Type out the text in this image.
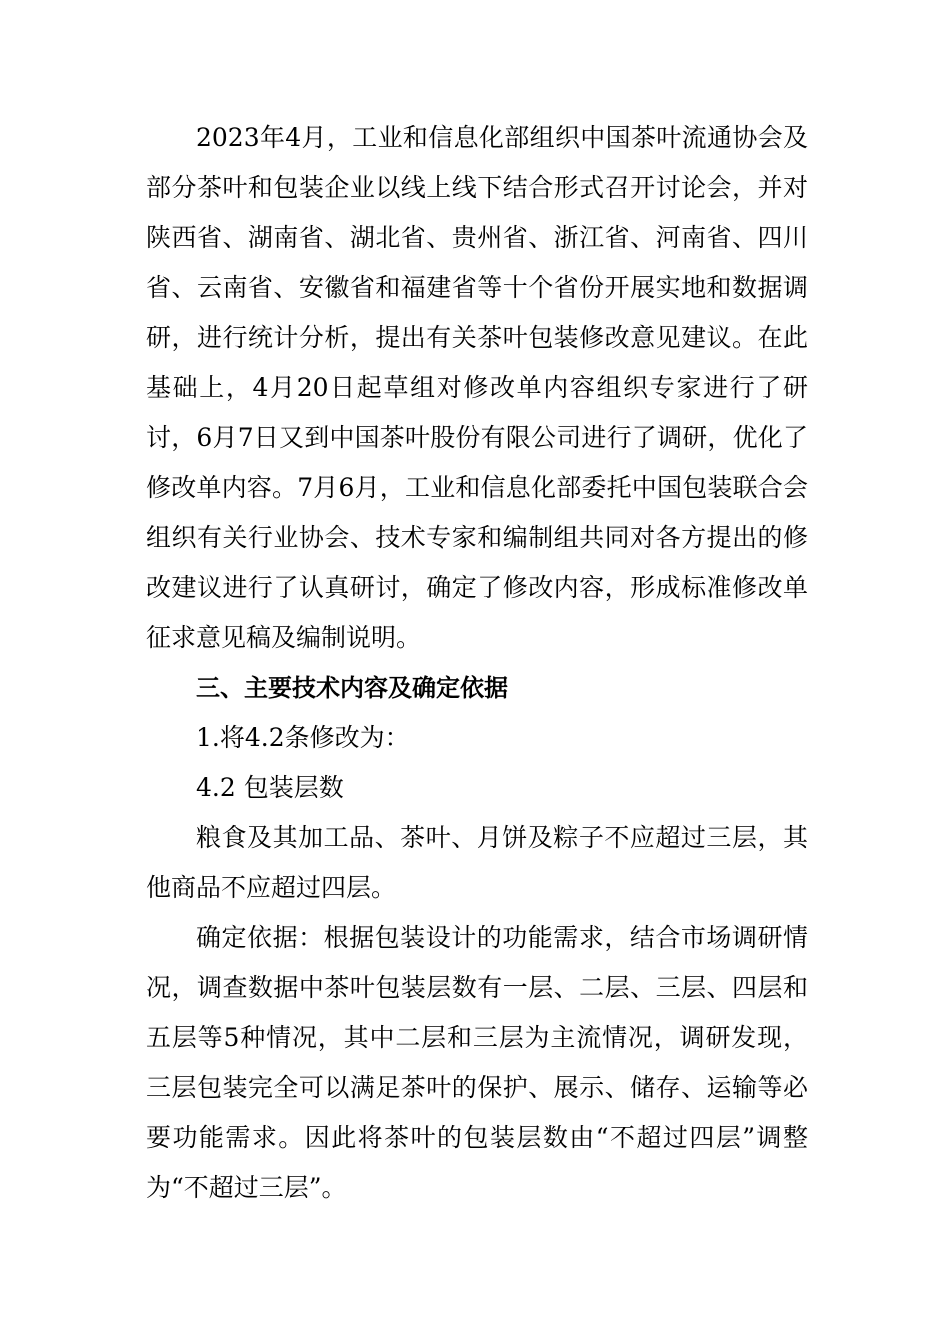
2023年4月，工业和信息化部组织中国茶叶流通协会及部分茶叶和包装企业以线上线下结合形式召开讨论会，并对陕西省、湖南省、湖北省、贵州省、浙江省、河南省、四川省、云南省、安徽省和福建省等十个省份开展实地和数据调研，进行统计分析，提出有关茶叶包装修改意见建议。在此基础上，4月20日起草组对修改单内容组织专家进行了研讨，6月7日又到中国茶叶股份有限公司进行了调研，优化了修改单内容。7月6月，工业和信息化部委托中国包装联合会组织有关行业协会、技术专家和编制组共同对各方提出的修改建议进行了认真研讨，确定了修改内容，形成标准修改单征求意见稿及编制说明。

三、主要技术内容及确定依据

1.将4.2条修改为：

4.2 包装层数

粮食及其加工品、茶叶、月饼及粽子不应超过三层，其他商品不应超过四层。

确定依据：根据包装设计的功能需求，结合市场调研情况，调查数据中茶叶包装层数有一层、二层、三层、四层和五层等5种情况，其中二层和三层为主流情况，调研发现，三层包装完全可以满足茶叶的保护、展示、储存、运输等必要功能需求。因此将茶叶的包装层数由“不超过四层”调整为“不超过三层”。
